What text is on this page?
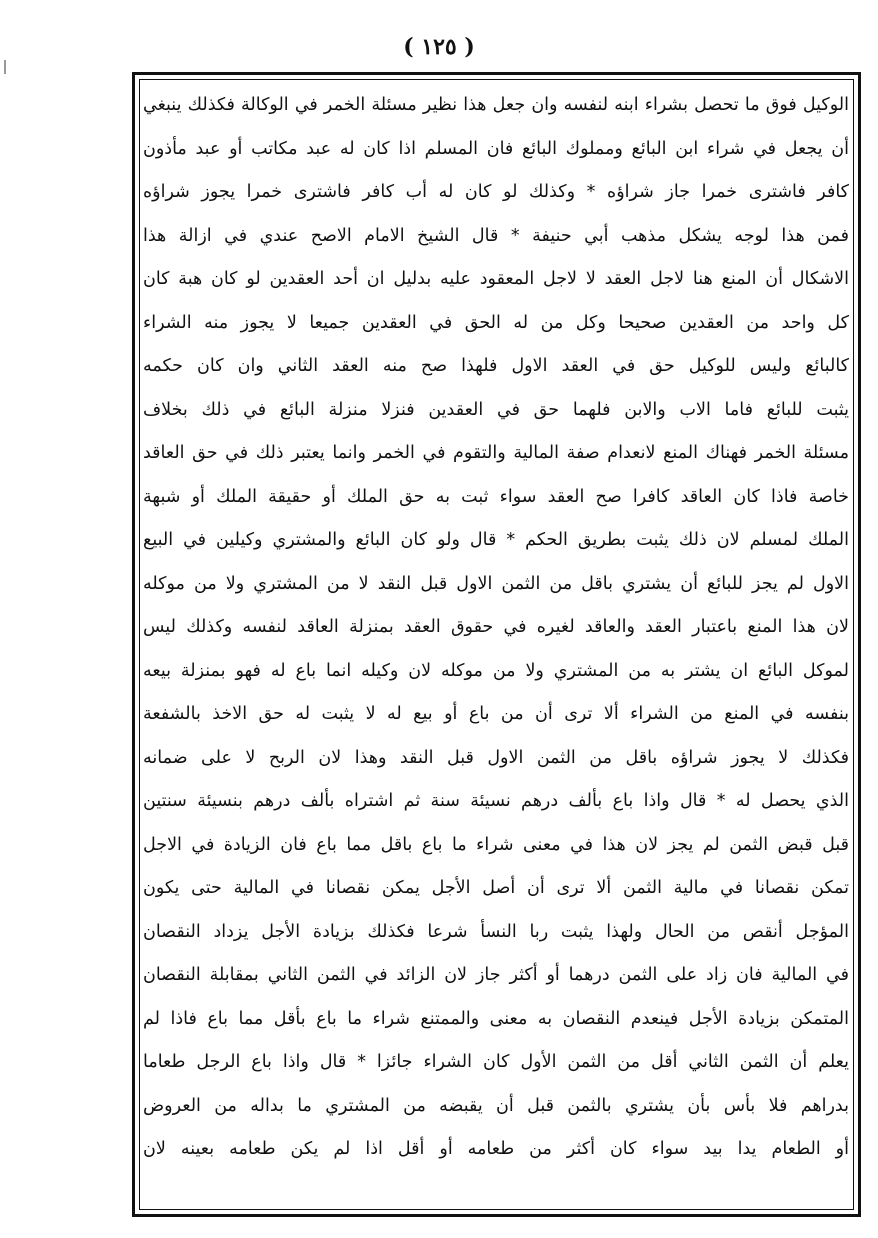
( ١٢٥ )
الوكيل فوق ما تحصل بشراء ابنه لنفسه وان جعل هذا نظير مسئلة الخمر في الوكالة فكذلك ينبغي
أن يجعل في شراء ابن البائع ومملوك البائع فان المسلم اذا كان له عبد مكاتب أو عبد مأذون
كافر فاشترى خمرا جاز شراؤه * وكذلك لو كان له أب كافر فاشترى خمرا يجوز شراؤه
فمن هذا لوجه يشكل مذهب أبي حنيفة * قال الشيخ الامام الاصح عندي في ازالة هذا
الاشكال أن المنع هنا لاجل العقد لا لاجل المعقود عليه بدليل ان أحد العقدين لو كان هبة كان
كل واحد من العقدين صحيحا وكل من له الحق في العقدين جميعا لا يجوز منه الشراء
كالبائع وليس للوكيل حق في العقد الاول فلهذا صح منه العقد الثاني وان كان حكمه
يثبت للبائع فاما الاب والابن فلهما حق في العقدين فنزلا منزلة البائع في ذلك بخلاف
مسئلة الخمر فهناك المنع لانعدام صفة المالية والتقوم في الخمر وانما يعتبر ذلك في حق العاقد
خاصة فاذا كان العاقد كافرا صح العقد سواء ثبت به حق الملك أو حقيقة الملك أو شبهة
الملك لمسلم لان ذلك يثبت بطريق الحكم * قال ولو كان البائع والمشتري وكيلين في البيع
الاول لم يجز للبائع أن يشتري باقل من الثمن الاول قبل النقد لا من المشتري ولا من موكله
لان هذا المنع باعتبار العقد والعاقد لغيره في حقوق العقد بمنزلة العاقد لنفسه وكذلك ليس
لموكل البائع ان يشتر به من المشتري ولا من موكله لان وكيله انما باع له فهو بمنزلة بيعه
بنفسه في المنع من الشراء ألا ترى أن من باع أو بيع له لا يثبت له حق الاخذ بالشفعة
فكذلك لا يجوز شراؤه باقل من الثمن الاول قبل النقد وهذا لان الربح لا على ضمانه
الذي يحصل له * قال واذا باع بألف درهم نسيئة سنة ثم اشتراه بألف درهم بنسيئة سنتين
قبل قبض الثمن لم يجز لان هذا في معنى شراء ما باع باقل مما باع فان الزيادة في الاجل
تمكن نقصانا في مالية الثمن ألا ترى أن أصل الأجل يمكن نقصانا في المالية حتى يكون
المؤجل أنقص من الحال ولهذا يثبت ربا النسأ شرعا فكذلك بزيادة الأجل يزداد النقصان
في المالية فان زاد على الثمن درهما أو أكثر جاز لان الزائد في الثمن الثاني بمقابلة النقصان
المتمكن بزيادة الأجل فينعدم النقصان به معنى والممتنع شراء ما باع بأقل مما باع فاذا لم
يعلم أن الثمن الثاني أقل من الثمن الأول كان الشراء جائزا * قال واذا باع الرجل طعاما
بدراهم فلا بأس بأن يشتري بالثمن قبل أن يقبضه من المشتري ما بداله من العروض
أو الطعام يدا بيد سواء كان أكثر من طعامه أو أقل اذا لم يكن طعامه بعينه لان
